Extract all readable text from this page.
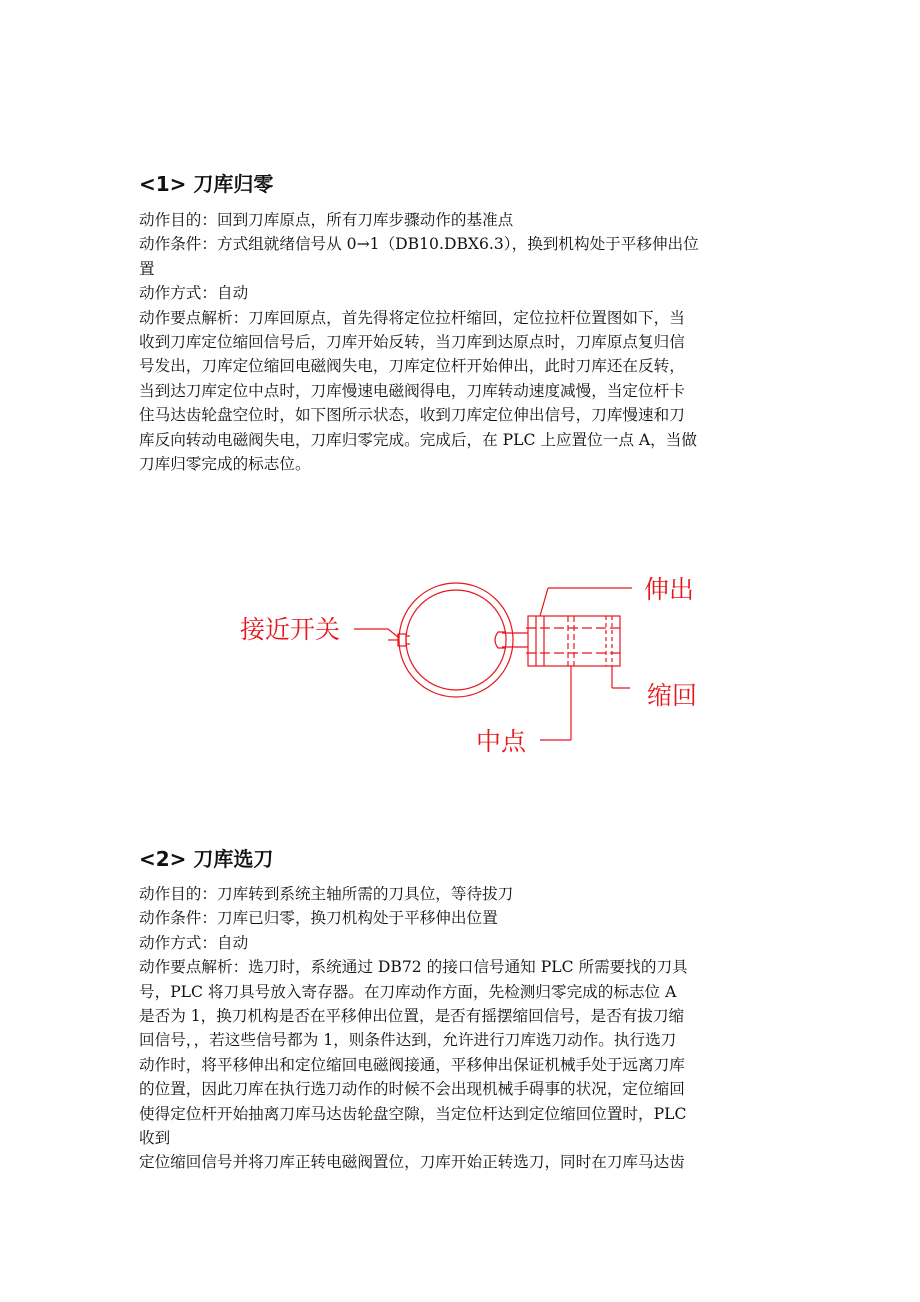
<1> 刀库归零
动作目的：回到刀库原点，所有刀库步骤动作的基准点
动作条件：方式组就绪信号从 0→1（DB10.DBX6.3），换到机构处于平移伸出位
置
动作方式：自动
动作要点解析：刀库回原点，首先得将定位拉杆缩回，定位拉杆位置图如下，当
收到刀库定位缩回信号后，刀库开始反转，当刀库到达原点时，刀库原点复归信
号发出，刀库定位缩回电磁阀失电，刀库定位杆开始伸出，此时刀库还在反转，
当到达刀库定位中点时，刀库慢速电磁阀得电，刀库转动速度减慢，当定位杆卡
住马达齿轮盘空位时，如下图所示状态，收到刀库定位伸出信号，刀库慢速和刀
库反向转动电磁阀失电，刀库归零完成。完成后，在 PLC 上应置位一点 A，当做
刀库归零完成的标志位。
接近开关
伸出
缩回
中点
<2> 刀库选刀
动作目的：刀库转到系统主轴所需的刀具位，等待拔刀
动作条件：刀库已归零，换刀机构处于平移伸出位置
动作方式：自动
动作要点解析：选刀时，系统通过 DB72 的接口信号通知 PLC 所需要找的刀具
号，PLC 将刀具号放入寄存器。在刀库动作方面，先检测归零完成的标志位 A
是否为 1，换刀机构是否在平移伸出位置，是否有摇摆缩回信号，是否有拔刀缩
回信号，，若这些信号都为 1，则条件达到，允许进行刀库选刀动作。执行选刀
动作时，将平移伸出和定位缩回电磁阀接通，平移伸出保证机械手处于远离刀库
的位置，因此刀库在执行选刀动作的时候不会出现机械手碍事的状况，定位缩回
使得定位杆开始抽离刀库马达齿轮盘空隙，当定位杆达到定位缩回位置时，PLC
收到
定位缩回信号并将刀库正转电磁阀置位，刀库开始正转选刀，同时在刀库马达齿
